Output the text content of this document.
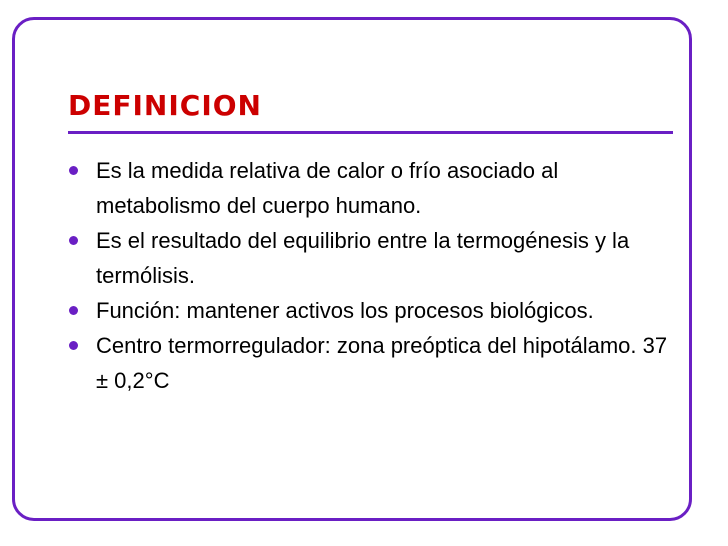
DEFINICION
Es la medida relativa de calor o frío asociado al metabolismo del cuerpo humano.
Es el resultado del equilibrio entre la termogénesis y la termólisis.
Función: mantener activos los procesos biológicos.
Centro termorregulador: zona preóptica del hipotálamo. 37 ± 0,2°C
